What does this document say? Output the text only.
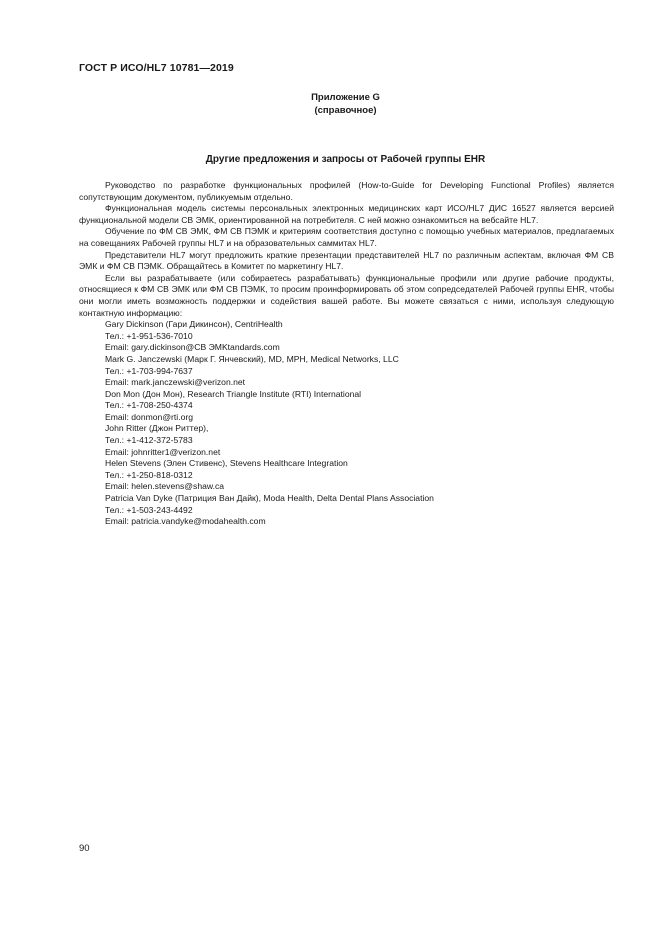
ГОСТ Р ИСО/HL7 10781—2019
Приложение G
(справочное)
Другие предложения и запросы от Рабочей группы EHR

Руководство по разработке функциональных профилей (How-to-Guide for Developing Functional Profiles) является сопутствующим документом, публикуемым отдельно.

Функциональная модель системы персональных электронных медицинских карт ИСО/HL7 ДИС 16527 является версией функциональной модели СВ ЭМК, ориентированной на потребителя. С ней можно ознакомиться на вебсайте HL7.

Обучение по ФМ СВ ЭМК, ФМ СВ ПЭМК и критериям соответствия доступно с помощью учебных материалов, предлагаемых на совещаниях Рабочей группы HL7 и на образовательных саммитах HL7.

Представители HL7 могут предложить краткие презентации представителей HL7 по различным аспектам, включая ФМ СВ ЭМК и ФМ СВ ПЭМК. Обращайтесь в Комитет по маркетингу HL7.

Если вы разрабатываете (или собираетесь разрабатывать) функциональные профили или другие рабочие продукты, относящиеся к ФМ СВ ЭМК или ФМ СВ ПЭМК, то просим проинформировать об этом сопредседателей Рабочей группы EHR, чтобы они могли иметь возможность поддержки и содействия вашей работе. Вы можете связаться с ними, используя следующую контактную информацию:

Gary Dickinson (Гари Дикинсон), CentriHealth
Тел.: +1-951-536-7010
Email: gary.dickinson@CB ЭМKtandards.com
Mark G. Janczewski (Марк Г. Янчевский), MD, MPH, Medical Networks, LLC
Тел.: +1-703-994-7637
Email: mark.janczewski@verizon.net
Don Mon (Дон Мон), Research Triangle Institute (RTI) International
Тел.: +1-708-250-4374
Email: donmon@rti.org
John Ritter (Джон Риттер),
Тел.: +1-412-372-5783
Email: johnritter1@verizon.net
Helen Stevens (Элен Стивенс), Stevens Healthcare Integration
Тел.: +1-250-818-0312
Email: helen.stevens@shaw.ca
Patricia Van Dyke (Патриция Ван Дайк), Moda Health, Delta Dental Plans Association
Тел.: +1-503-243-4492
Email: patricia.vandyke@modahealth.com
90
